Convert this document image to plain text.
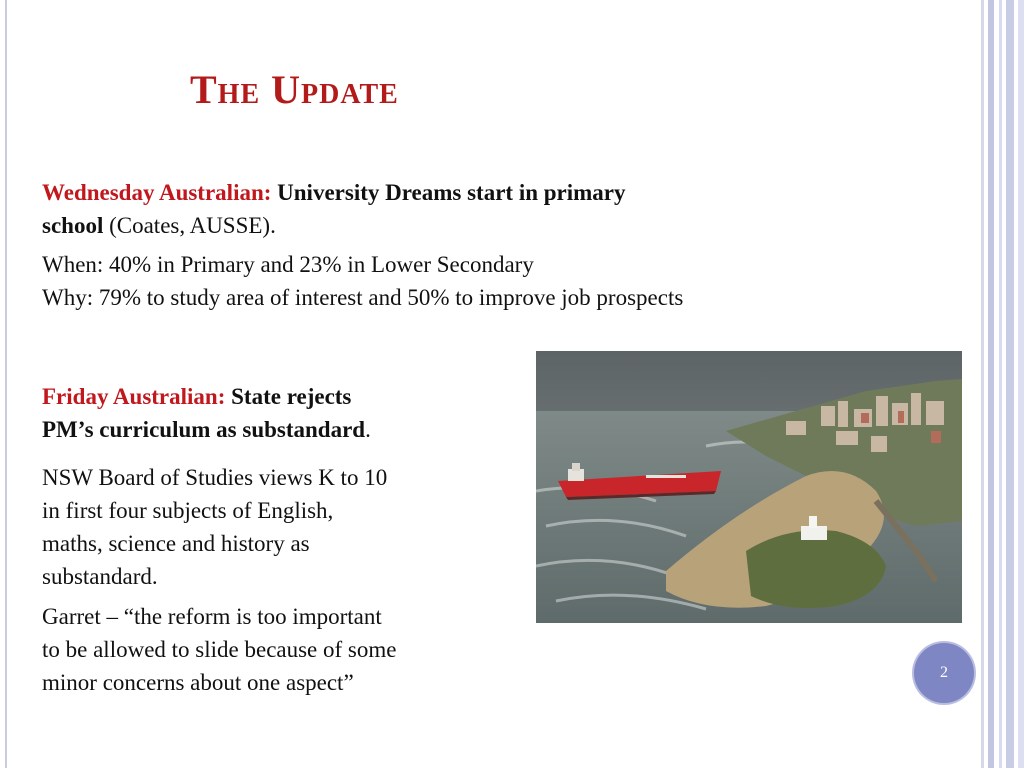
The Update
Wednesday Australian: University Dreams start in primary
school (Coates, AUSSE).
When: 40% in Primary and 23% in Lower Secondary
Why: 79% to study area of interest and 50% to improve job prospects
Friday Australian: State rejects
PM’s curriculum as substandard.
NSW Board of Studies views K to 10
in first four subjects of English,
maths, science and history as
substandard.
Garret – “the reform is too important
to be allowed to slide because of some
minor concerns about one aspect”	2
